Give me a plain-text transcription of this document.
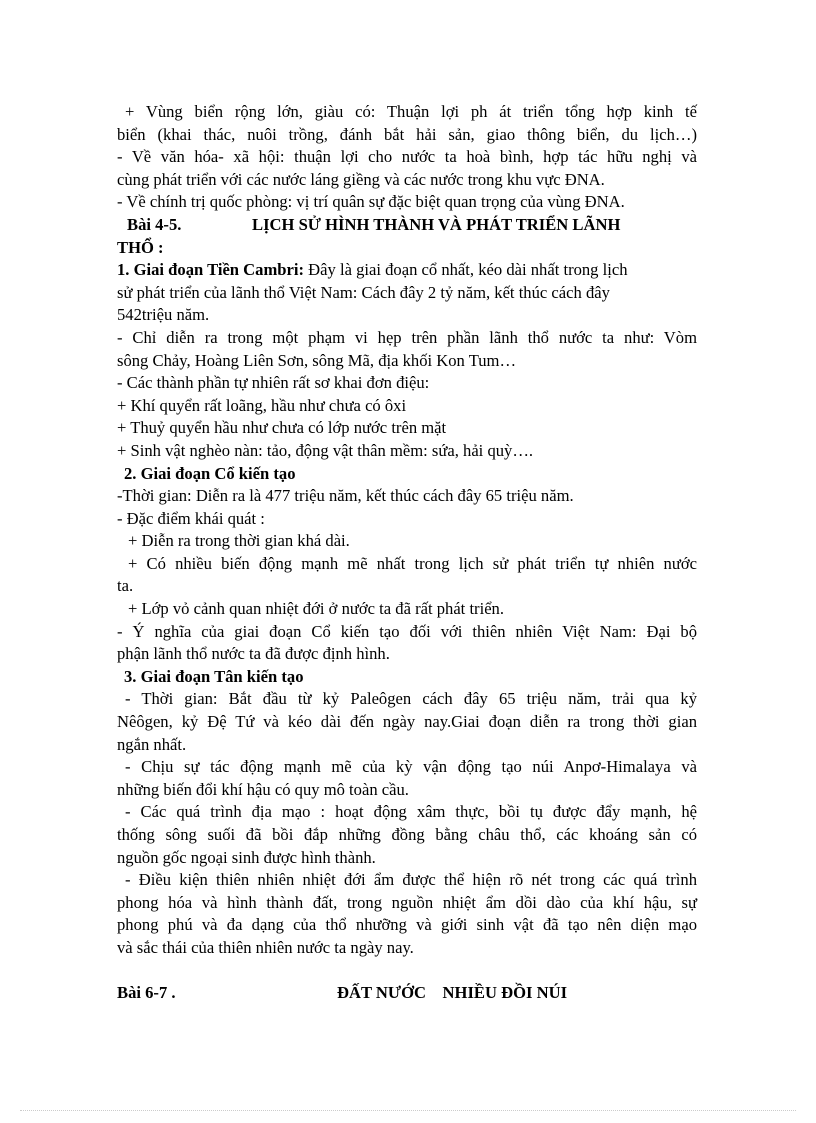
+ Vùng biển rộng lớn, giàu có: Thuận lợi ph át triển tổng hợp kinh tế
biển (khai thác, nuôi trồng, đánh bắt hải sản, giao thông biển, du lịch…)
- Về văn hóa- xã hội: thuận lợi cho nước ta hoà bình, hợp tác hữu nghị và
cùng phát triển với các nước láng giềng và các nước trong khu vực ĐNA.
- Về chính trị quốc phòng: vị trí quân sự đặc biệt quan trọng của vùng ĐNA.
Bài 4-5.	LỊCH SỬ HÌNH THÀNH VÀ PHÁT TRIỂN LÃNH
THỔ :
1. Giai đoạn Tiền Cambri: Đây là giai đoạn cổ nhất, kéo dài nhất trong lịch
sử phát triển của lãnh thổ Việt Nam: Cách đây 2 tỷ năm, kết thúc cách đây
542triệu năm.
- Chỉ diễn ra trong một phạm vi hẹp trên phần lãnh thổ nước ta như: Vòm
sông Chảy, Hoàng Liên Sơn, sông Mã, địa khối Kon Tum…
- Các thành phần tự nhiên rất sơ khai đơn điệu:
+ Khí quyển rất loãng, hầu như chưa có ôxi
+ Thuỷ quyển hầu như chưa có lớp nước trên mặt
+ Sinh vật nghèo nàn: tảo, động vật thân mềm: sứa, hải quỳ….
2. Giai đoạn Cổ kiến tạo
-Thời gian: Diễn ra là 477 triệu năm, kết thúc cách đây 65 triệu năm.
- Đặc điểm khái quát :
+ Diễn ra trong thời gian khá dài.
+ Có nhiều biến động mạnh mẽ nhất trong lịch sử phát triển tự nhiên nước
ta.
+ Lớp vỏ cảnh quan nhiệt đới ở nước ta đã rất phát triển.
- Ý nghĩa của giai đoạn Cổ kiến tạo đối với thiên nhiên Việt Nam: Đại bộ
phận lãnh thổ nước ta đã được định hình.
3. Giai đoạn Tân kiến tạo
- Thời gian: Bắt đầu từ kỷ Paleôgen cách đây 65 triệu năm, trải qua kỷ
Nêôgen, kỷ Đệ Tứ và kéo dài đến ngày nay.Giai đoạn diễn ra trong thời gian
ngắn nhất.
- Chịu sự tác động mạnh mẽ của kỳ vận động tạo núi Anpơ-Himalaya và
những biến đổi khí hậu có quy mô toàn cầu.
- Các quá trình địa mạo : hoạt động xâm thực, bồi tụ được đẩy mạnh, hệ
thống sông suối đã bồi đắp những đồng bằng châu thổ, các khoáng sản có
nguồn gốc ngoại sinh được hình thành.
- Điều kiện thiên nhiên nhiệt đới ẩm được thể hiện rõ nét trong các quá trình
phong hóa và hình thành đất, trong nguồn nhiệt ẩm dồi dào của khí hậu, sự
phong phú và đa dạng của thổ nhưỡng và giới sinh vật đã tạo nên diện mạo
và sắc thái của thiên nhiên nước ta ngày nay.
Bài 6-7 .	ĐẤT NƯỚC    NHIỀU ĐỒI NÚI
